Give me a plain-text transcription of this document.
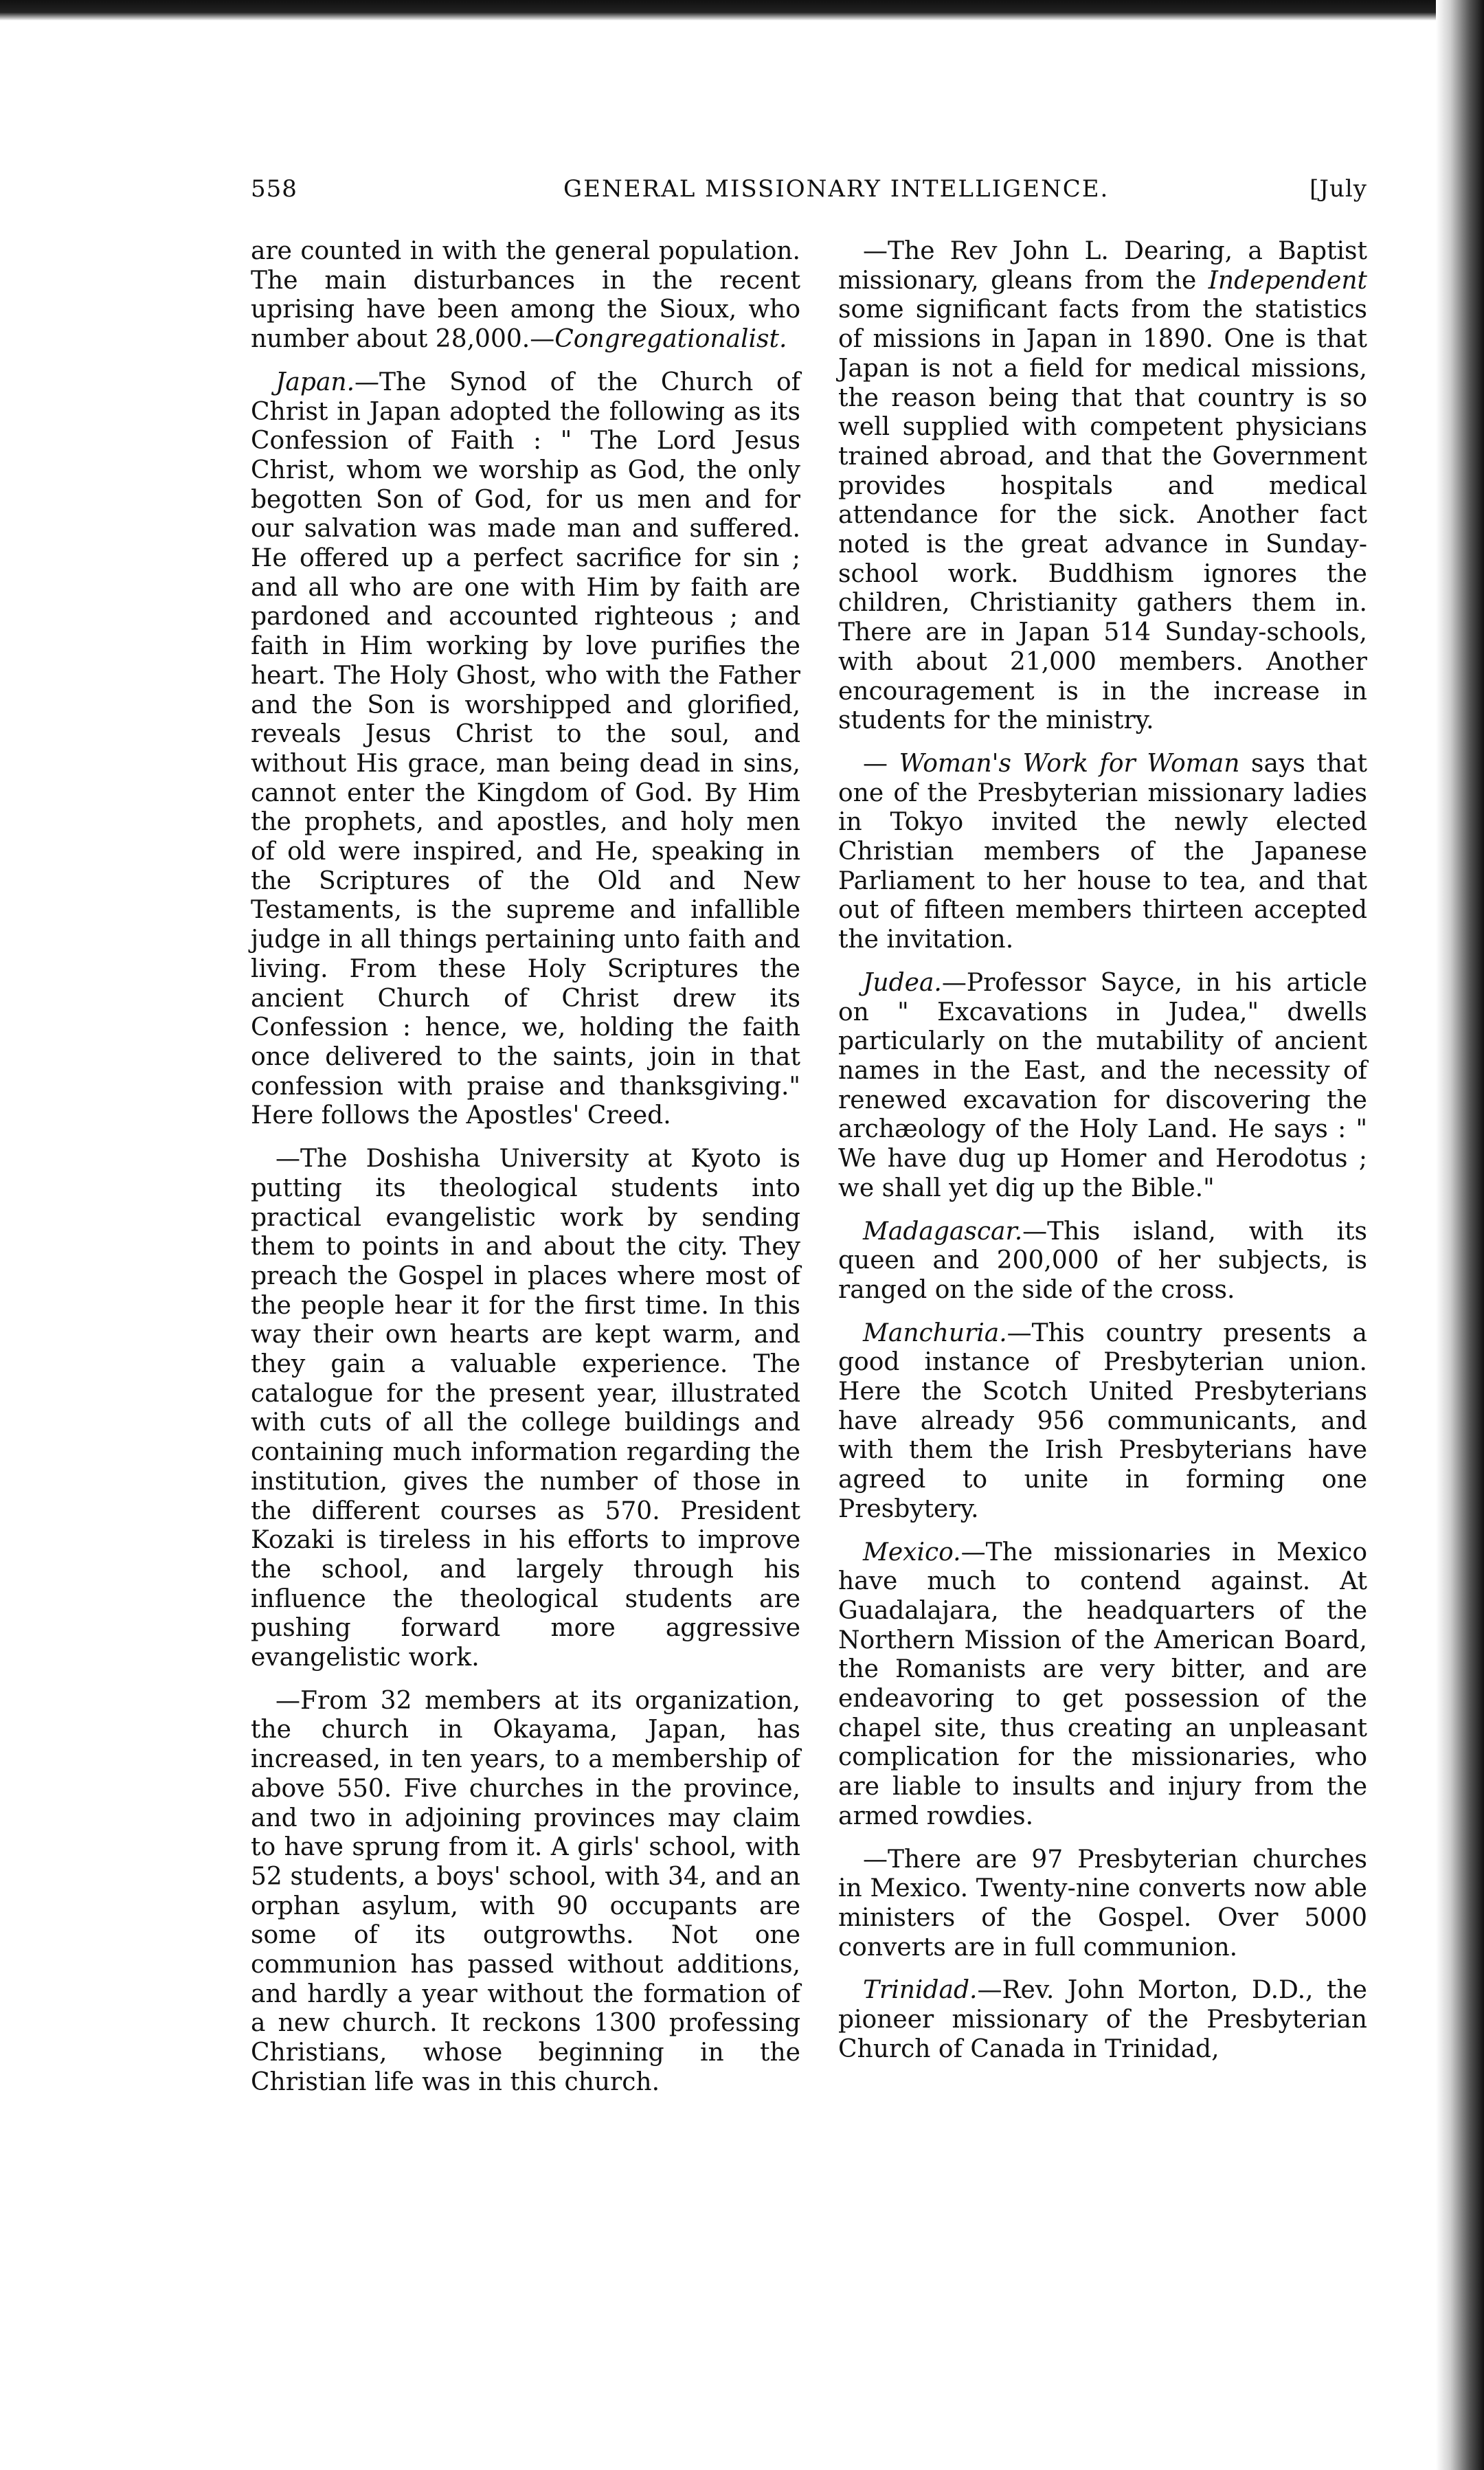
558	GENERAL MISSIONARY INTELLIGENCE.	[July

are counted in with the general population. The main disturbances in the recent uprising have been among the Sioux, who number about 28,000.—Congregationalist.

Japan.—The Synod of the Church of Christ in Japan adopted the following as its Confession of Faith : " The Lord Jesus Christ, whom we worship as God, the only begotten Son of God, for us men and for our salvation was made man and suffered. He offered up a perfect sacrifice for sin ; and all who are one with Him by faith are pardoned and accounted righteous ; and faith in Him working by love purifies the heart. The Holy Ghost, who with the Father and the Son is worshipped and glorified, reveals Jesus Christ to the soul, and without His grace, man being dead in sins, cannot enter the Kingdom of God. By Him the prophets, and apostles, and holy men of old were inspired, and He, speaking in the Scriptures of the Old and New Testaments, is the supreme and infallible judge in all things pertaining unto faith and living. From these Holy Scriptures the ancient Church of Christ drew its Confession : hence, we, holding the faith once delivered to the saints, join in that confession with praise and thanksgiving." Here follows the Apostles' Creed.

—The Doshisha University at Kyoto is putting its theological students into practical evangelistic work by sending them to points in and about the city. They preach the Gospel in places where most of the people hear it for the first time. In this way their own hearts are kept warm, and they gain a valuable experience. The catalogue for the present year, illustrated with cuts of all the college buildings and containing much information regarding the institution, gives the number of those in the different courses as 570. President Kozaki is tireless in his efforts to improve the school, and largely through his influence the theological students are pushing forward more aggressive evangelistic work.

—From 32 members at its organization, the church in Okayama, Japan, has increased, in ten years, to a membership of above 550. Five churches in the province, and two in adjoining provinces may claim to have sprung from it. A girls' school, with 52 students, a boys' school, with 34, and an orphan asylum, with 90 occupants are some of its outgrowths. Not one communion has passed without additions, and hardly a year without the formation of a new church. It reckons 1300 professing Christians, whose beginning in the Christian life was in this church.

—The Rev John L. Dearing, a Baptist missionary, gleans from the Independent some significant facts from the statistics of missions in Japan in 1890. One is that Japan is not a field for medical missions, the reason being that that country is so well supplied with competent physicians trained abroad, and that the Government provides hospitals and medical attendance for the sick. Another fact noted is the great advance in Sunday-school work. Buddhism ignores the children, Christianity gathers them in. There are in Japan 514 Sunday-schools, with about 21,000 members. Another encouragement is in the increase in students for the ministry.

— Woman's Work for Woman says that one of the Presbyterian missionary ladies in Tokyo invited the newly elected Christian members of the Japanese Parliament to her house to tea, and that out of fifteen members thirteen accepted the invitation.

Judea.—Professor Sayce, in his article on " Excavations in Judea," dwells particularly on the mutability of ancient names in the East, and the necessity of renewed excavation for discovering the archæology of the Holy Land. He says : " We have dug up Homer and Herodotus ; we shall yet dig up the Bible."

Madagascar.—This island, with its queen and 200,000 of her subjects, is ranged on the side of the cross.

Manchuria.—This country presents a good instance of Presbyterian union. Here the Scotch United Presbyterians have already 956 communicants, and with them the Irish Presbyterians have agreed to unite in forming one Presbytery.

Mexico.—The missionaries in Mexico have much to contend against. At Guadalajara, the headquarters of the Northern Mission of the American Board, the Romanists are very bitter, and are endeavoring to get possession of the chapel site, thus creating an unpleasant complication for the missionaries, who are liable to insults and injury from the armed rowdies.

—There are 97 Presbyterian churches in Mexico. Twenty-nine converts now able ministers of the Gospel. Over 5000 converts are in full communion.

Trinidad.—Rev. John Morton, D.D., the pioneer missionary of the Presbyterian Church of Canada in Trinidad,
